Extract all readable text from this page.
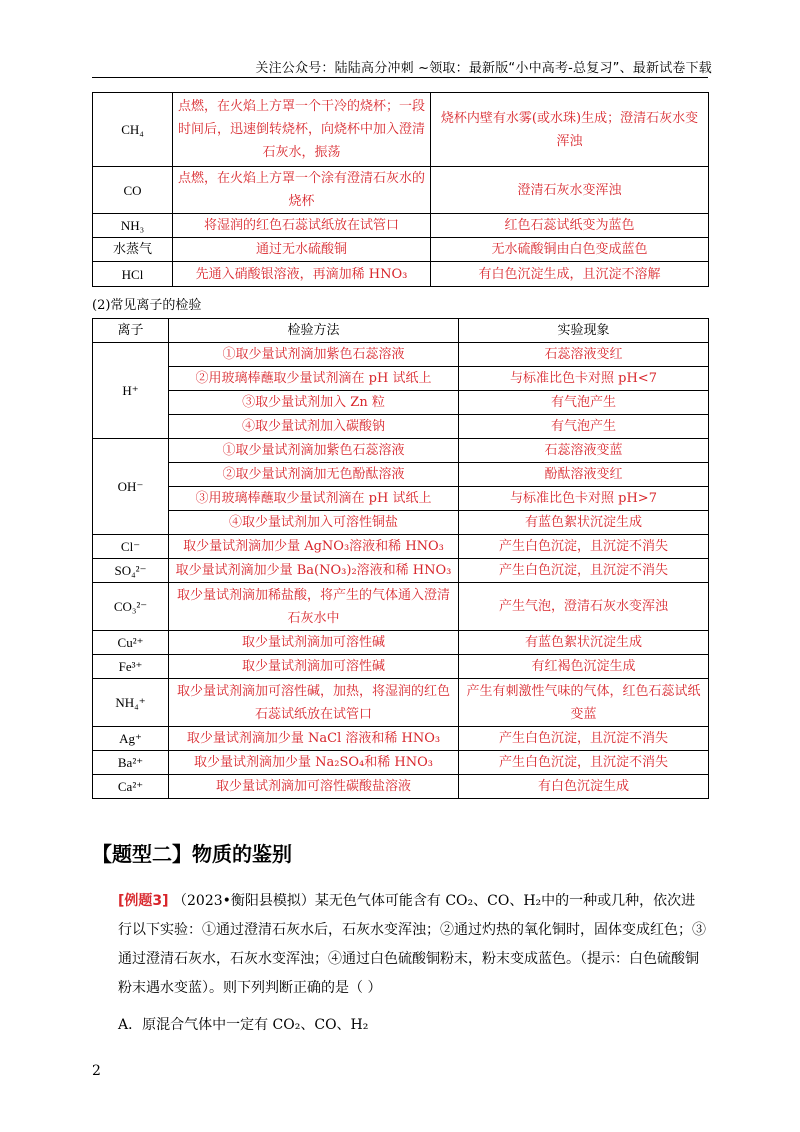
关注公众号：陆陆高分冲刺 ~领取：最新版“小中高考-总复习”、最新试卷下载
CH₄	点燃，在火焰上方罩一个干冷的烧杯；一段时间后，迅速倒转烧杯，向烧杯中加入澄清石灰水，振荡	烧杯内壁有水雾(或水珠)生成；澄清石灰水变浑浊
CO	点燃，在火焰上方罩一个涂有澄清石灰水的烧杯	澄清石灰水变浑浊
NH₃	将湿润的红色石蕊试纸放在试管口	红色石蕊试纸变为蓝色
水蒸气	通过无水硫酸铜	无水硫酸铜由白色变成蓝色
HCl	先通入硝酸银溶液，再滴加稀 HNO₃	有白色沉淀生成，且沉淀不溶解
(2)常见离子的检验
离子	检验方法	实验现象
H⁺	①取少量试剂滴加紫色石蕊溶液	石蕊溶液变红
	②用玻璃棒蘸取少量试剂滴在 pH 试纸上	与标准比色卡对照 pH<7
	③取少量试剂加入 Zn 粒	有气泡产生
	④取少量试剂加入碳酸钠	有气泡产生
OH⁻	①取少量试剂滴加紫色石蕊溶液	石蕊溶液变蓝
	②取少量试剂滴加无色酚酞溶液	酚酞溶液变红
	③用玻璃棒蘸取少量试剂滴在 pH 试纸上	与标准比色卡对照 pH>7
	④取少量试剂加入可溶性铜盐	有蓝色絮状沉淀生成
Cl⁻	取少量试剂滴加少量 AgNO₃溶液和稀 HNO₃	产生白色沉淀，且沉淀不消失
SO₄²⁻	取少量试剂滴加少量 Ba(NO₃)₂溶液和稀 HNO₃	产生白色沉淀，且沉淀不消失
CO₃²⁻	取少量试剂滴加稀盐酸，将产生的气体通入澄清石灰水中	产生气泡，澄清石灰水变浑浊
Cu²⁺	取少量试剂滴加可溶性碱	有蓝色絮状沉淀生成
Fe³⁺	取少量试剂滴加可溶性碱	有红褐色沉淀生成
NH₄⁺	取少量试剂滴加可溶性碱，加热，将湿润的红色石蕊试纸放在试管口	产生有刺激性气味的气体，红色石蕊试纸变蓝
Ag⁺	取少量试剂滴加少量 NaCl 溶液和稀 HNO₃	产生白色沉淀，且沉淀不消失
Ba²⁺	取少量试剂滴加少量 Na₂SO₄和稀 HNO₃	产生白色沉淀，且沉淀不消失
Ca²⁺	取少量试剂滴加可溶性碳酸盐溶液	有白色沉淀生成
【题型二】物质的鉴别
[例题3] （2023•衡阳县模拟）某无色气体可能含有 CO₂、CO、H₂中的一种或几种，依次进行以下实验：①通过澄清石灰水后，石灰水变浑浊；②通过灼热的氧化铜时，固体变成红色；③通过澄清石灰水，石灰水变浑浊；④通过白色硫酸铜粉末，粉末变成蓝色。（提示：白色硫酸铜粉末遇水变蓝）。则下列判断正确的是（ ）
A．原混合气体中一定有 CO₂、CO、H₂
2
